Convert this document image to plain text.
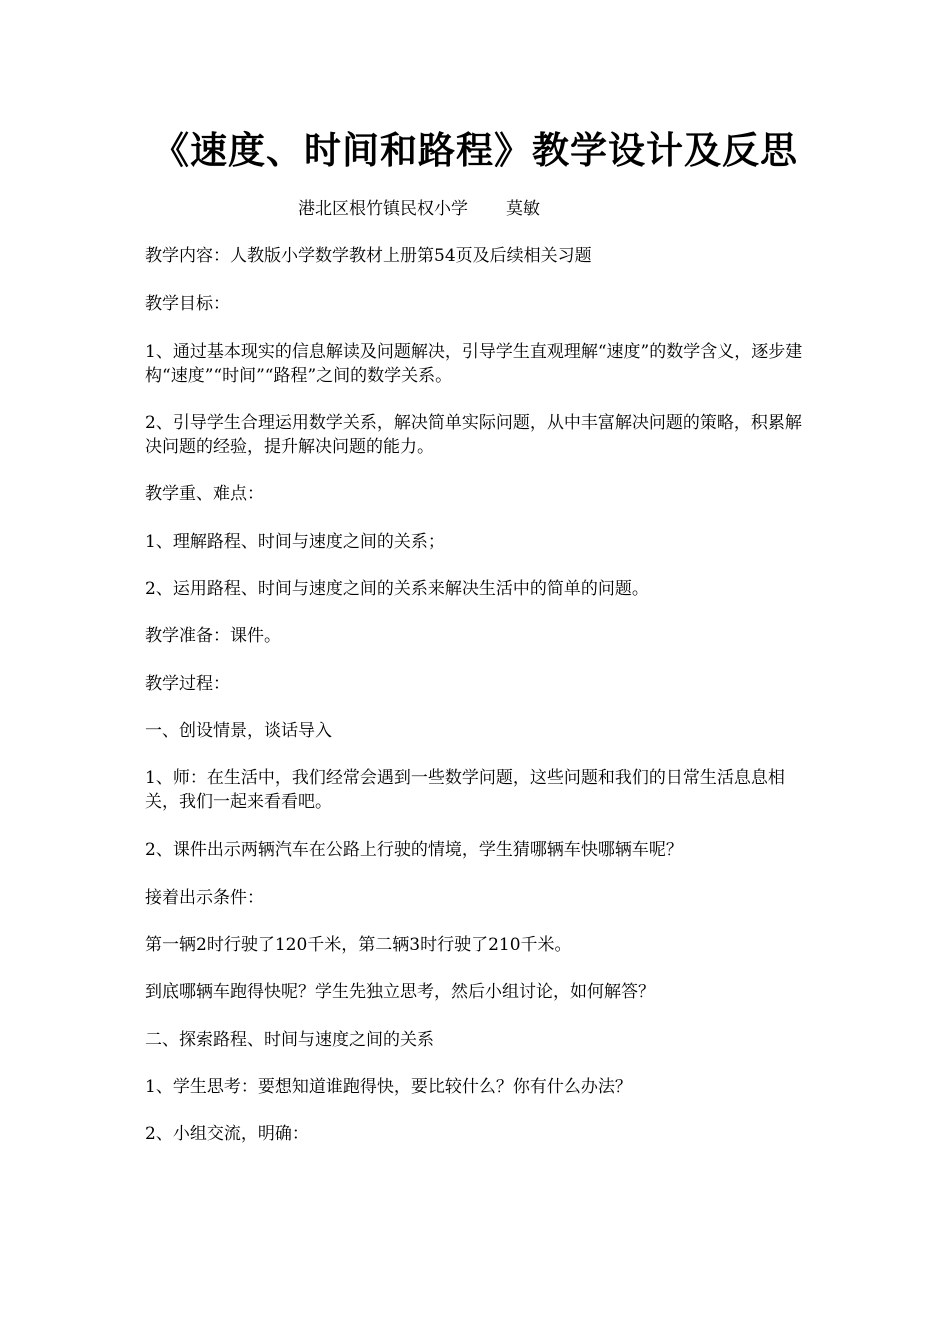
《速度、时间和路程》教学设计及反思
港北区根竹镇民权小学 莫敏
教学内容：人教版小学数学教材上册第54页及后续相关习题
教学目标：
1、通过基本现实的信息解读及问题解决，引导学生直观理解“速度”的数学含义，逐步建构“速度”“时间”“路程”之间的数学关系。
2、引导学生合理运用数学关系，解决简单实际问题，从中丰富解决问题的策略，积累解决问题的经验，提升解决问题的能力。
教学重、难点：
1、理解路程、时间与速度之间的关系；
2、运用路程、时间与速度之间的关系来解决生活中的简单的问题。
教学准备：课件。
教学过程：
一、创设情景，谈话导入
1、师：在生活中，我们经常会遇到一些数学问题，这些问题和我们的日常生活息息相关，我们一起来看看吧。
2、课件出示两辆汽车在公路上行驶的情境，学生猜哪辆车快哪辆车呢？
接着出示条件：
第一辆2时行驶了120千米，第二辆3时行驶了210千米。
到底哪辆车跑得快呢？学生先独立思考，然后小组讨论，如何解答？
二、探索路程、时间与速度之间的关系
1、学生思考：要想知道谁跑得快，要比较什么？你有什么办法？
2、小组交流，明确：
